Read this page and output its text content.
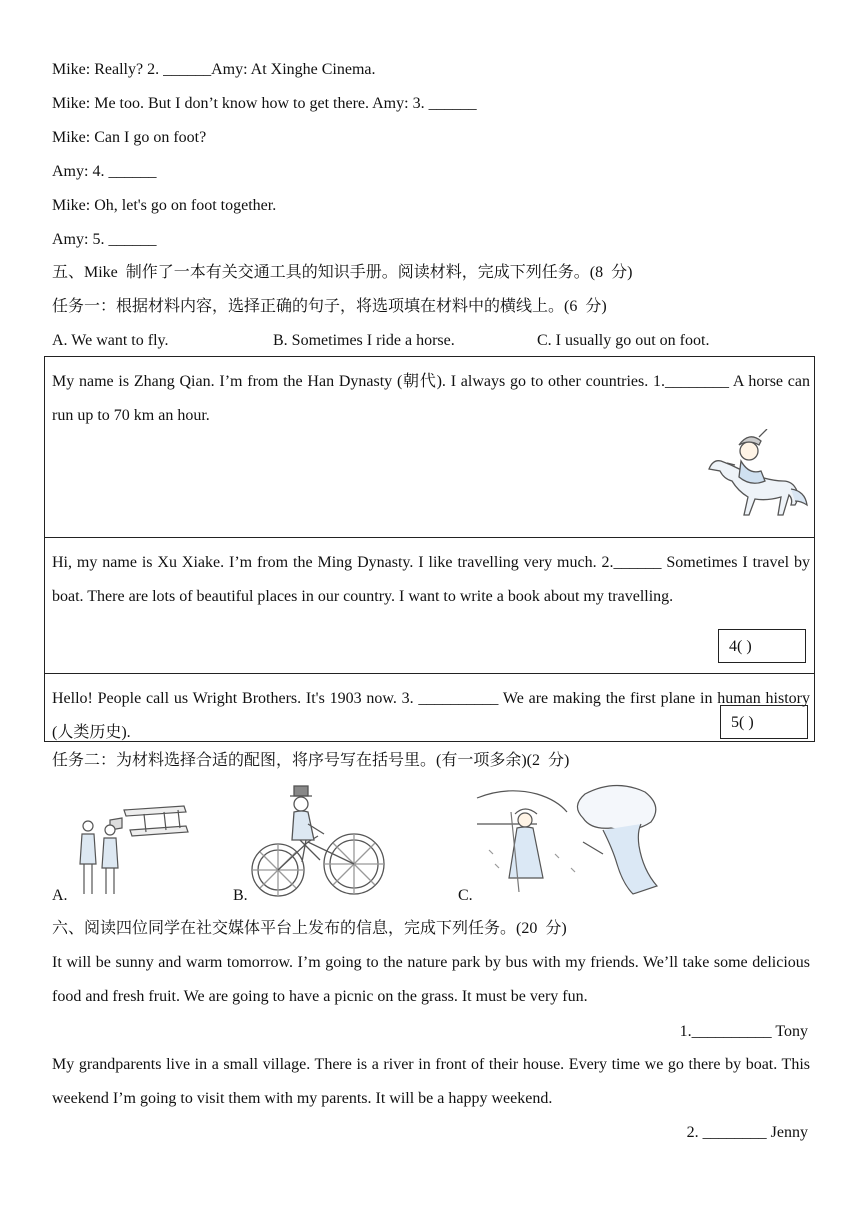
Mike: Really? 2. ______Amy: At Xinghe Cinema.
Mike: Me too. But I don’t know how to get there. Amy: 3. ______
Mike: Can I go on foot?
Amy: 4. ______
Mike: Oh, let's go on foot together.
Amy: 5. ______
五、Mike  制作了一本有关交通工具的知识手册。阅读材料，完成下列任务。(8  分)
任务一：根据材料内容，选择正确的句子，将选项填在材料中的横线上。(6  分)
A. We want to fly.	B. Sometimes I ride a horse.	C. I usually go out on foot.
My name is Zhang Qian. I’m from the Han Dynasty (朝代). I always go to other countries. 1.________ A horse can run up to 70 km an hour.
Hi, my name is Xu Xiake. I’m from the Ming Dynasty. I like travelling very much. 2.______ Sometimes I travel by boat. There are lots of beautiful places in our country. I want to write a book about my travelling.
4( )
Hello! People call us Wright Brothers. It's 1903 now. 3. __________ We are making the first plane in human history (人类历史).
5( )
任务二：为材料选择合适的配图，将序号写在括号里。(有一项多余)(2  分)
A.	B.	C.
六、阅读四位同学在社交媒体平台上发布的信息，完成下列任务。(20  分)
It will be sunny and warm tomorrow. I’m going to the nature park by bus with my friends. We’ll take some delicious food and fresh fruit. We are going to have a picnic on the grass. It must be very fun.
1.__________ Tony
My grandparents live in a small village. There is a river in front of their house. Every time we go there by boat. This weekend I’m going to visit them with my parents. It will be a happy weekend.
2. ________ Jenny
